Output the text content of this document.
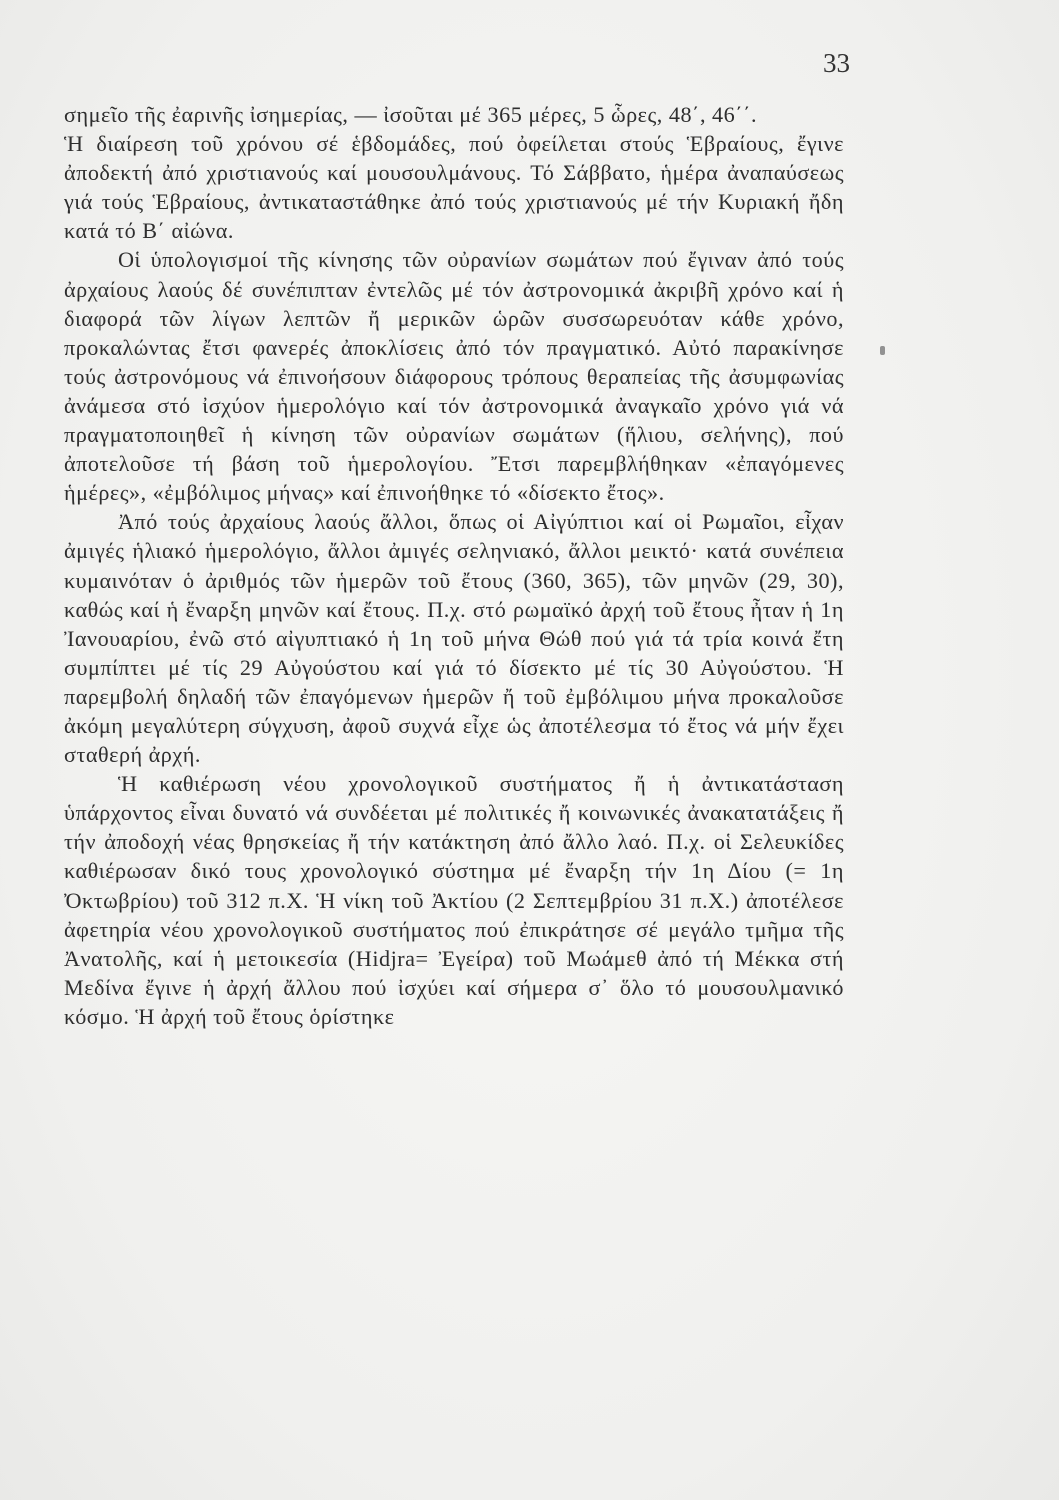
33

σημεῖο τῆς ἐαρινῆς ἰσημερίας, — ἰσοῦται μέ 365 μέρες, 5 ὧρες, 48΄, 46΄΄.

Ἡ διαίρεση τοῦ χρόνου σέ ἑβδομάδες, πού ὀφείλεται στούς Ἑβραίους, ἔγινε ἀποδεκτή ἀπό χριστιανούς καί μουσουλμάνους. Τό Σάββατο, ἡμέρα ἀναπαύσεως γιά τούς Ἑβραίους, ἀντικαταστάθηκε ἀπό τούς χριστιανούς μέ τήν Κυριακή ἤδη κατά τό Β΄ αἰώνα.

Οἱ ὑπολογισμοί τῆς κίνησης τῶν οὐρανίων σωμάτων πού ἔγιναν ἀπό τούς ἀρχαίους λαούς δέ συνέπιπταν ἐντελῶς μέ τόν ἀστρονομικά ἀκριβῆ χρόνο καί ἡ διαφορά τῶν λίγων λεπτῶν ἤ μερικῶν ὡρῶν συσσωρευόταν κάθε χρόνο, προκαλώντας ἔτσι φανερές ἀποκλίσεις ἀπό τόν πραγματικό. Αὐτό παρακίνησε τούς ἀστρονόμους νά ἐπινοήσουν διάφορους τρόπους θεραπείας τῆς ἀσυμφωνίας ἀνάμεσα στό ἰσχύον ἡμερολόγιο καί τόν ἀστρονομικά ἀναγκαῖο χρόνο γιά νά πραγματοποιηθεῖ ἡ κίνηση τῶν οὐρανίων σωμάτων (ἥλιου, σελήνης), πού ἀποτελοῦσε τή βάση τοῦ ἡμερολογίου. Ἔτσι παρεμβλήθηκαν «ἐπαγόμενες ἡμέρες», «ἐμβόλιμος μήνας» καί ἐπινοήθηκε τό «δίσεκτο ἔτος».

Ἀπό τούς ἀρχαίους λαούς ἄλλοι, ὅπως οἱ Αἰγύπτιοι καί οἱ Ρωμαῖοι, εἶχαν ἀμιγές ἡλιακό ἡμερολόγιο, ἄλλοι ἀμιγές σεληνιακό, ἄλλοι μεικτό· κατά συνέπεια κυμαινόταν ὁ ἀριθμός τῶν ἡμερῶν τοῦ ἔτους (360, 365), τῶν μηνῶν (29, 30), καθώς καί ἡ ἔναρξη μηνῶν καί ἔτους. Π.χ. στό ρωμαϊκό ἀρχή τοῦ ἔτους ἦταν ἡ 1η Ἰανουαρίου, ἐνῶ στό αἰγυπτιακό ἡ 1η τοῦ μήνα Θώθ πού γιά τά τρία κοινά ἔτη συμπίπτει μέ τίς 29 Αὐγούστου καί γιά τό δίσεκτο μέ τίς 30 Αὐγούστου. Ἡ παρεμβολή δηλαδή τῶν ἐπαγόμενων ἡμερῶν ἤ τοῦ ἐμβόλιμου μήνα προκαλοῦσε ἀκόμη μεγαλύτερη σύγχυση, ἀφοῦ συχνά εἶχε ὡς ἀποτέλεσμα τό ἔτος νά μήν ἔχει σταθερή ἀρχή.

Ἡ καθιέρωση νέου χρονολογικοῦ συστήματος ἤ ἡ ἀντικατάσταση ὑπάρχοντος εἶναι δυνατό νά συνδέεται μέ πολιτικές ἤ κοινωνικές ἀνακατατάξεις ἤ τήν ἀποδοχή νέας θρησκείας ἤ τήν κατάκτηση ἀπό ἄλλο λαό. Π.χ. οἱ Σελευκίδες καθιέρωσαν δικό τους χρονολογικό σύστημα μέ ἔναρξη τήν 1η Δίου (= 1η Ὀκτωβρίου) τοῦ 312 π.Χ. Ἡ νίκη τοῦ Ἀκτίου (2 Σεπτεμβρίου 31 π.Χ.) ἀποτέλεσε ἀφετηρία νέου χρονολογικοῦ συστήματος πού ἐπικράτησε σέ μεγάλο τμῆμα τῆς Ἀνατολῆς, καί ἡ μετοικεσία (Hidjra= Ἐγείρα) τοῦ Μωάμεθ ἀπό τή Μέκκα στή Μεδίνα ἔγινε ἡ ἀρχή ἄλλου πού ἰσχύει καί σήμερα σ᾽ ὅλο τό μουσουλμανικό κόσμο. Ἡ ἀρχή τοῦ ἔτους ὁρίστηκε
